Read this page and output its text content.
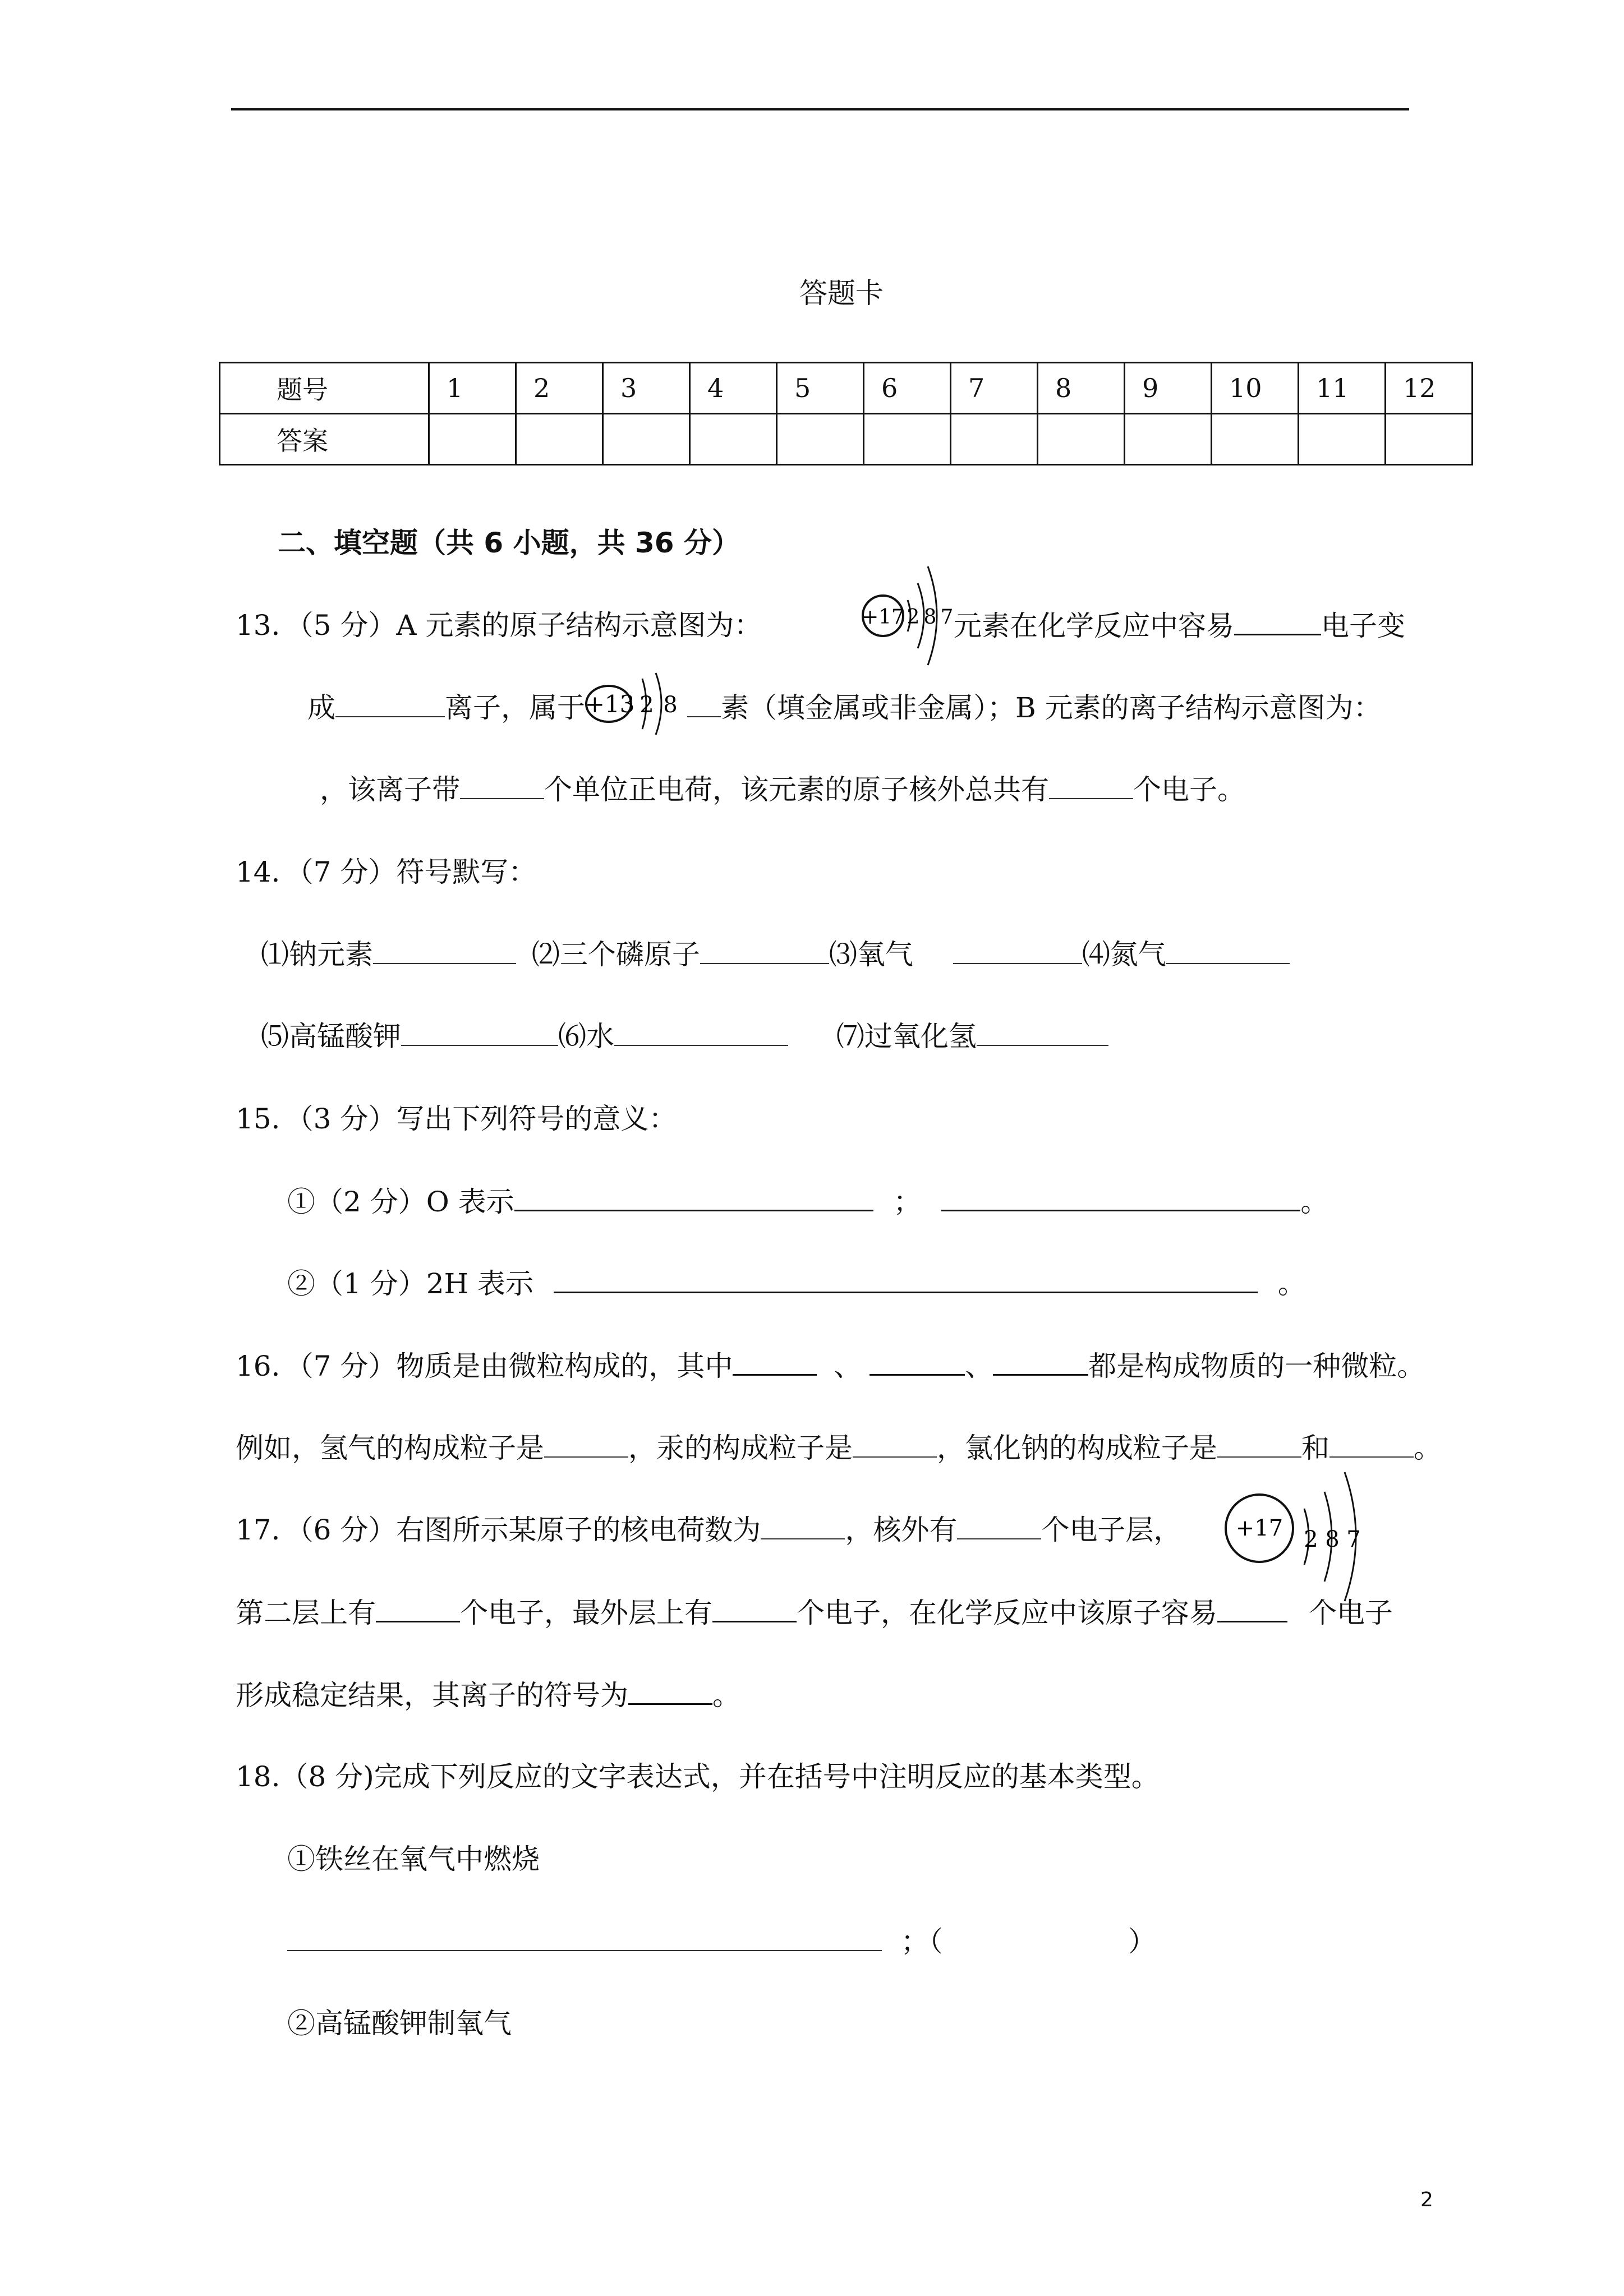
答题卡
题号	1	2	3	4	5	6	7	8	9	10	11	12
答案												
二、填空题（共 6 小题，共 36 分）
13．（5 分）A 元素的原子结构示意图为：	+17 2 8 7 元素在化学反应中容易	电子变
成	离子，属于 +13 2 8	素（填金属或非金属）；B 元素的离子结构示意图为：
，该离子带	个单位正电荷，该元素的原子核外总共有	个电子。
14．（7 分）符号默写：
⑴钠元素	⑵三个磷原子	⑶氧气	⑷氮气
⑸高锰酸钾	⑹水	⑺过氧化氢
15．（3 分）写出下列符号的意义：
①（2 分）O 表示	；	。
②（1 分）2H 表示	。
16．（7 分）物质是由微粒构成的，其中	、	、	都是构成物质的一种微粒。
例如，氢气的构成粒子是	，汞的构成粒子是	，氯化钠的构成粒子是	和	。
17．（6 分）右图所示某原子的核电荷数为	，核外有	个电子层， +17 2 8 7
第二层上有	个电子，最外层上有	个电子，在化学反应中该原子容易	个电子
形成稳定结果，其离子的符号为	。
18.（8 分)完成下列反应的文字表达式，并在括号中注明反应的基本类型。
①铁丝在氧气中燃烧
；（	）
②高锰酸钾制氧气
2
